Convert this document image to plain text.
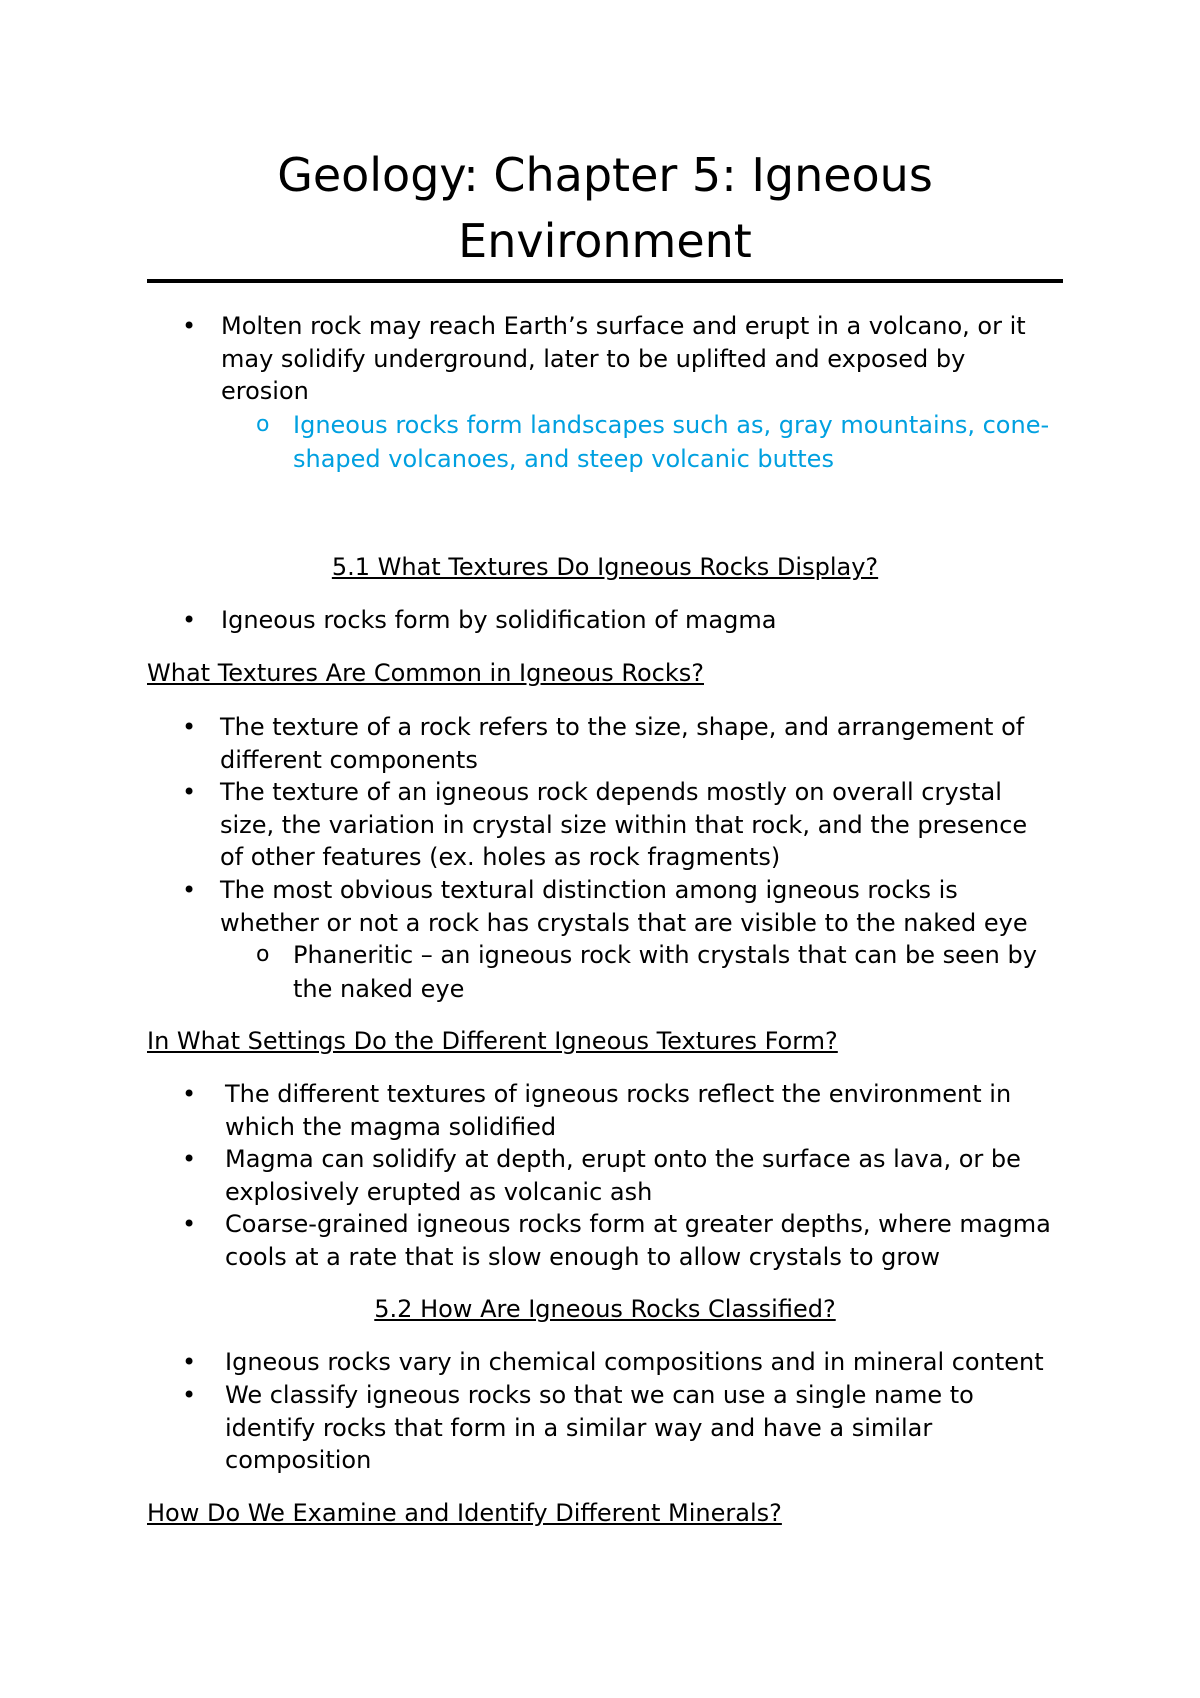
Geology: Chapter 5: Igneous
Environment
• Molten rock may reach Earth’s surface and erupt in a volcano, or it
may solidify underground, later to be uplifted and exposed by
erosion
o Igneous rocks form landscapes such as, gray mountains, cone-
shaped volcanoes, and steep volcanic buttes
5.1 What Textures Do Igneous Rocks Display?
• Igneous rocks form by solidification of magma
What Textures Are Common in Igneous Rocks?
• The texture of a rock refers to the size, shape, and arrangement of
different components
• The texture of an igneous rock depends mostly on overall crystal
size, the variation in crystal size within that rock, and the presence
of other features (ex. holes as rock fragments)
• The most obvious textural distinction among igneous rocks is
whether or not a rock has crystals that are visible to the naked eye
o Phaneritic – an igneous rock with crystals that can be seen by
the naked eye
In What Settings Do the Different Igneous Textures Form?
• The different textures of igneous rocks reflect the environment in
which the magma solidified
• Magma can solidify at depth, erupt onto the surface as lava, or be
explosively erupted as volcanic ash
• Coarse-grained igneous rocks form at greater depths, where magma
cools at a rate that is slow enough to allow crystals to grow
5.2 How Are Igneous Rocks Classified?
• Igneous rocks vary in chemical compositions and in mineral content
• We classify igneous rocks so that we can use a single name to
identify rocks that form in a similar way and have a similar
composition
How Do We Examine and Identify Different Minerals?
